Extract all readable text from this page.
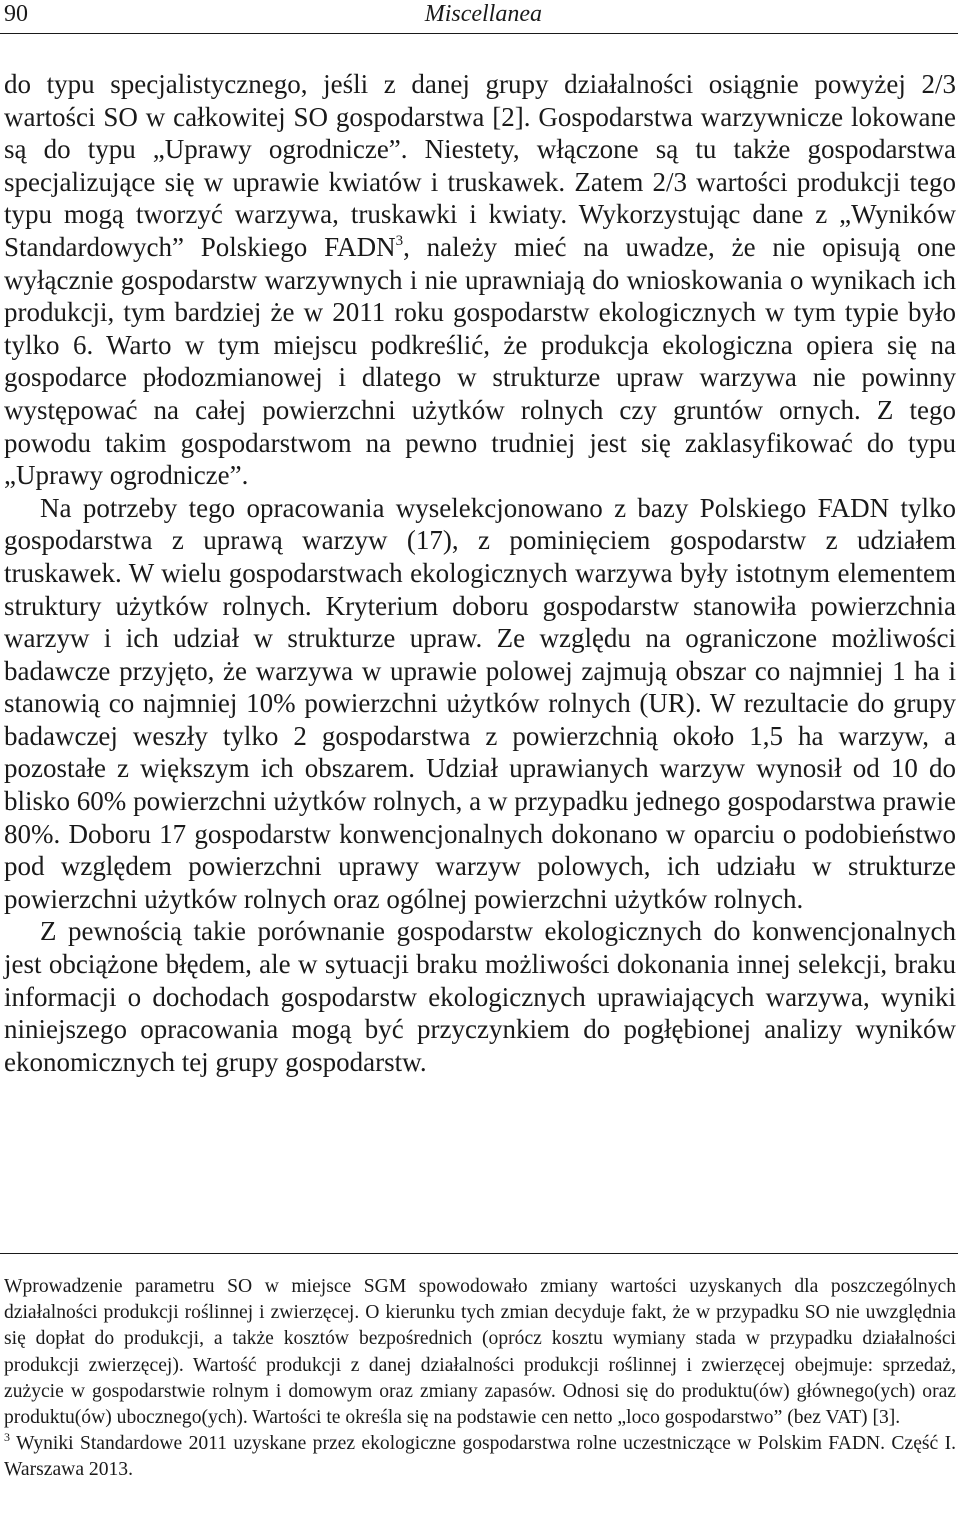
90	Miscellanea

do typu specjalistycznego, jeśli z danej grupy działalności osiągnie powyżej 2/3 wartości SO w całkowitej SO gospodarstwa [2]. Gospodarstwa warzywnicze lokowane są do typu „Uprawy ogrodnicze”. Niestety, włączone są tu także gospodarstwa specjalizujące się w uprawie kwiatów i truskawek. Zatem 2/3 wartości produkcji tego typu mogą tworzyć warzywa, truskawki i kwiaty. Wykorzystując dane z „Wyników Standardowych” Polskiego FADN$^3$, należy mieć na uwadze, że nie opisują one wyłącznie gospodarstw warzywnych i nie uprawniają do wnioskowania o wynikach ich produkcji, tym bardziej że w 2011 roku gospodarstw ekologicznych w tym typie było tylko 6. Warto w tym miejscu podkreślić, że produkcja ekologiczna opiera się na gospodarce płodozmianowej i dlatego w strukturze upraw warzywa nie powinny występować na całej powierzchni użytków rolnych czy gruntów ornych. Z tego powodu takim gospodarstwom na pewno trudniej jest się zaklasyfikować do typu „Uprawy ogrodnicze”.

Na potrzeby tego opracowania wyselekcjonowano z bazy Polskiego FADN tylko gospodarstwa z uprawą warzyw (17), z pominięciem gospodarstw z udziałem truskawek. W wielu gospodarstwach ekologicznych warzywa były istotnym elementem struktury użytków rolnych. Kryterium doboru gospodarstw stanowiła powierzchnia warzyw i ich udział w strukturze upraw. Ze względu na ograniczone możliwości badawcze przyjęto, że warzywa w uprawie polowej zajmują obszar co najmniej 1 ha i stanowią co najmniej 10% powierzchni użytków rolnych (UR). W rezultacie do grupy badawczej weszły tylko 2 gospodarstwa z powierzchnią około 1,5 ha warzyw, a pozostałe z większym ich obszarem. Udział uprawianych warzyw wynosił od 10 do blisko 60% powierzchni użytków rolnych, a w przypadku jednego gospodarstwa prawie 80%. Doboru 17 gospodarstw konwencjonalnych dokonano w oparciu o podobieństwo pod względem powierzchni uprawy warzyw polowych, ich udziału w strukturze powierzchni użytków rolnych oraz ogólnej powierzchni użytków rolnych.

Z pewnością takie porównanie gospodarstw ekologicznych do konwencjonalnych jest obciążone błędem, ale w sytuacji braku możliwości dokonania innej selekcji, braku informacji o dochodach gospodarstw ekologicznych uprawiających warzywa, wyniki niniejszego opracowania mogą być przyczynkiem do pogłębionej analizy wyników ekonomicznych tej grupy gospodarstw.

Wprowadzenie parametru SO w miejsce SGM spowodowało zmiany wartości uzyskanych dla poszczególnych działalności produkcji roślinnej i zwierzęcej. O kierunku tych zmian decyduje fakt, że w przypadku SO nie uwzględnia się dopłat do produkcji, a także kosztów bezpośrednich (oprócz kosztu wymiany stada w przypadku działalności produkcji zwierzęcej). Wartość produkcji z danej działalności produkcji roślinnej i zwierzęcej obejmuje: sprzedaż, zużycie w gospodarstwie rolnym i domowym oraz zmiany zapasów. Odnosi się do produktu(ów) głównego(ych) oraz produktu(ów) ubocznego(ych). Wartości te określa się na podstawie cen netto „loco gospodarstwo” (bez VAT) [3].

$^3$ Wyniki Standardowe 2011 uzyskane przez ekologiczne gospodarstwa rolne uczestniczące w Polskim FADN. Część I. Warszawa 2013.
